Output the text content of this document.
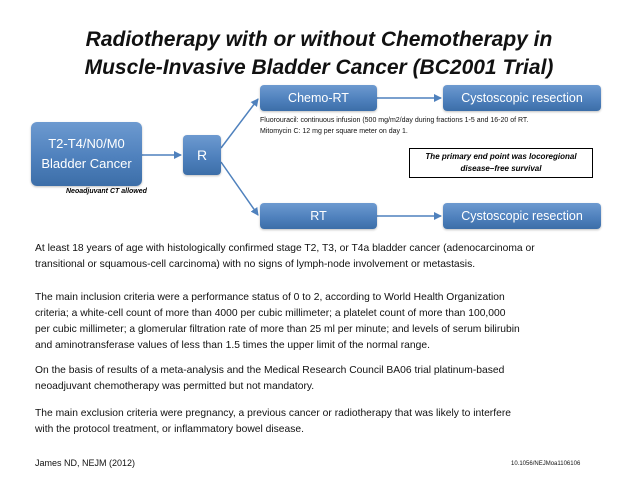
Radiotherapy with or without Chemotherapy in
Muscle-Invasive Bladder Cancer (BC2001 Trial)
T2-T4/N0/M0
Bladder Cancer
R
Neoadjuvant CT allowed
Chemo-RT	Cystoscopic resection
RT	Cystoscopic resection
Fluorouracil: continuous infusion (500 mg/m2/day during fractions 1-5 and 16-20 of RT.
Mitomycin C: 12 mg per square meter on day 1.
The primary end point was locoregional
disease–free survival
At least 18 years of age with histologically confirmed stage T2, T3, or T4a bladder cancer (adenocarcinoma or
transitional or squamous-cell carcinoma) with no signs of lymph-node involvement or metastasis.
The main inclusion criteria were a performance status of 0 to 2, according to World Health Organization
criteria; a white-cell count of more than 4000 per cubic millimeter; a platelet count of more than 100,000
per cubic millimeter; a glomerular filtration rate of more than 25 ml per minute; and levels of serum bilirubin
and aminotransferase values of less than 1.5 times the upper limit of the normal range.
On the basis of results of a meta-analysis and the Medical Research Council BA06 trial platinum-based
neoadjuvant chemotherapy was permitted but not mandatory.
The main exclusion criteria were pregnancy, a previous cancer or radiotherapy that was likely to interfere
with the protocol treatment, or inflammatory bowel disease.
James ND, NEJM (2012)	10.1056/NEJMoa1106106
